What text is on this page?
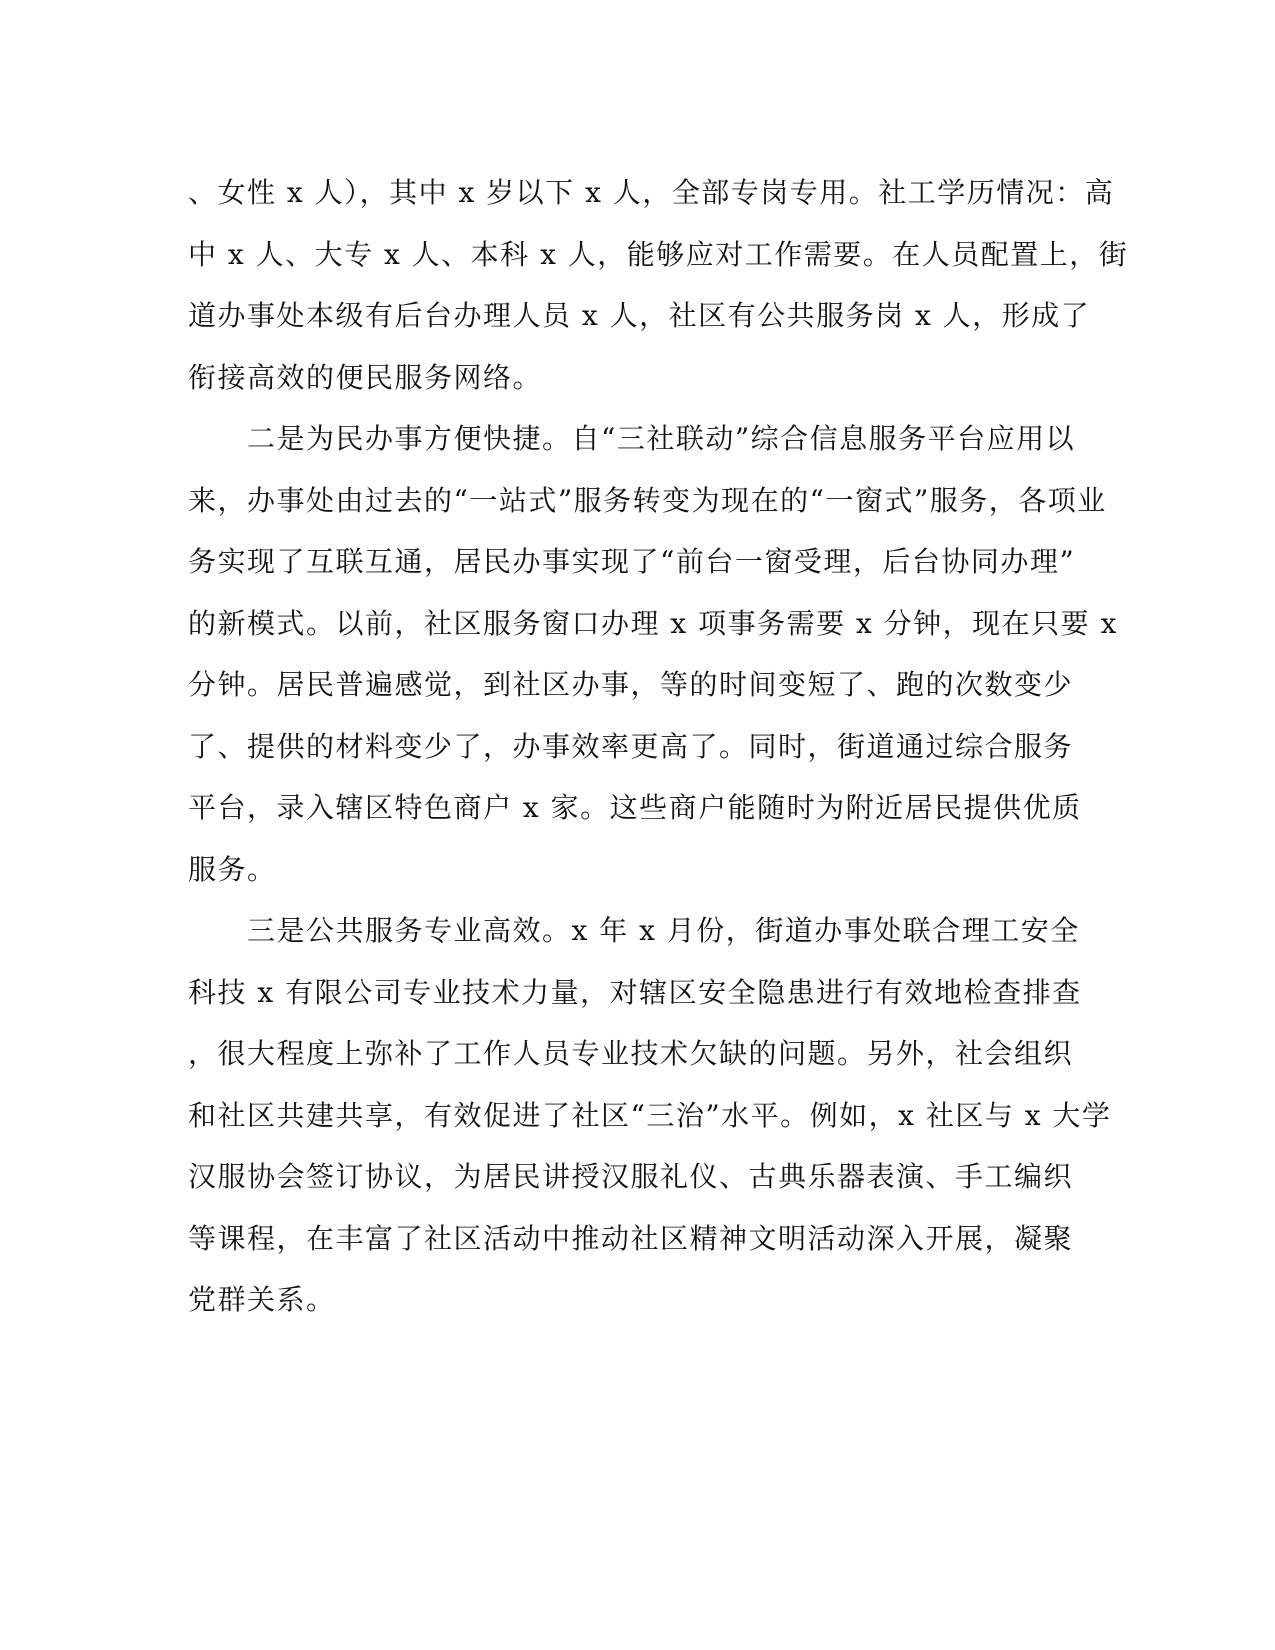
、女性 x 人），其中 x 岁以下 x 人，全部专岗专用。社工学历情况：高
中 x 人、大专 x 人、本科 x 人，能够应对工作需要。在人员配置上，街
道办事处本级有后台办理人员 x 人，社区有公共服务岗 x 人，形成了
衔接高效的便民服务网络。
　　二是为民办事方便快捷。自“三社联动”综合信息服务平台应用以
来，办事处由过去的“一站式”服务转变为现在的“一窗式”服务，各项业
务实现了互联互通，居民办事实现了“前台一窗受理，后台协同办理”
的新模式。以前，社区服务窗口办理 x 项事务需要 x 分钟，现在只要 x
分钟。居民普遍感觉，到社区办事，等的时间变短了、跑的次数变少
了、提供的材料变少了，办事效率更高了。同时，街道通过综合服务
平台，录入辖区特色商户 x 家。这些商户能随时为附近居民提供优质
服务。
　　三是公共服务专业高效。x 年 x 月份，街道办事处联合理工安全
科技 x 有限公司专业技术力量，对辖区安全隐患进行有效地检查排查
，很大程度上弥补了工作人员专业技术欠缺的问题。另外，社会组织
和社区共建共享，有效促进了社区“三治”水平。例如，x 社区与 x 大学
汉服协会签订协议，为居民讲授汉服礼仪、古典乐器表演、手工编织
等课程，在丰富了社区活动中推动社区精神文明活动深入开展，凝聚
党群关系。
